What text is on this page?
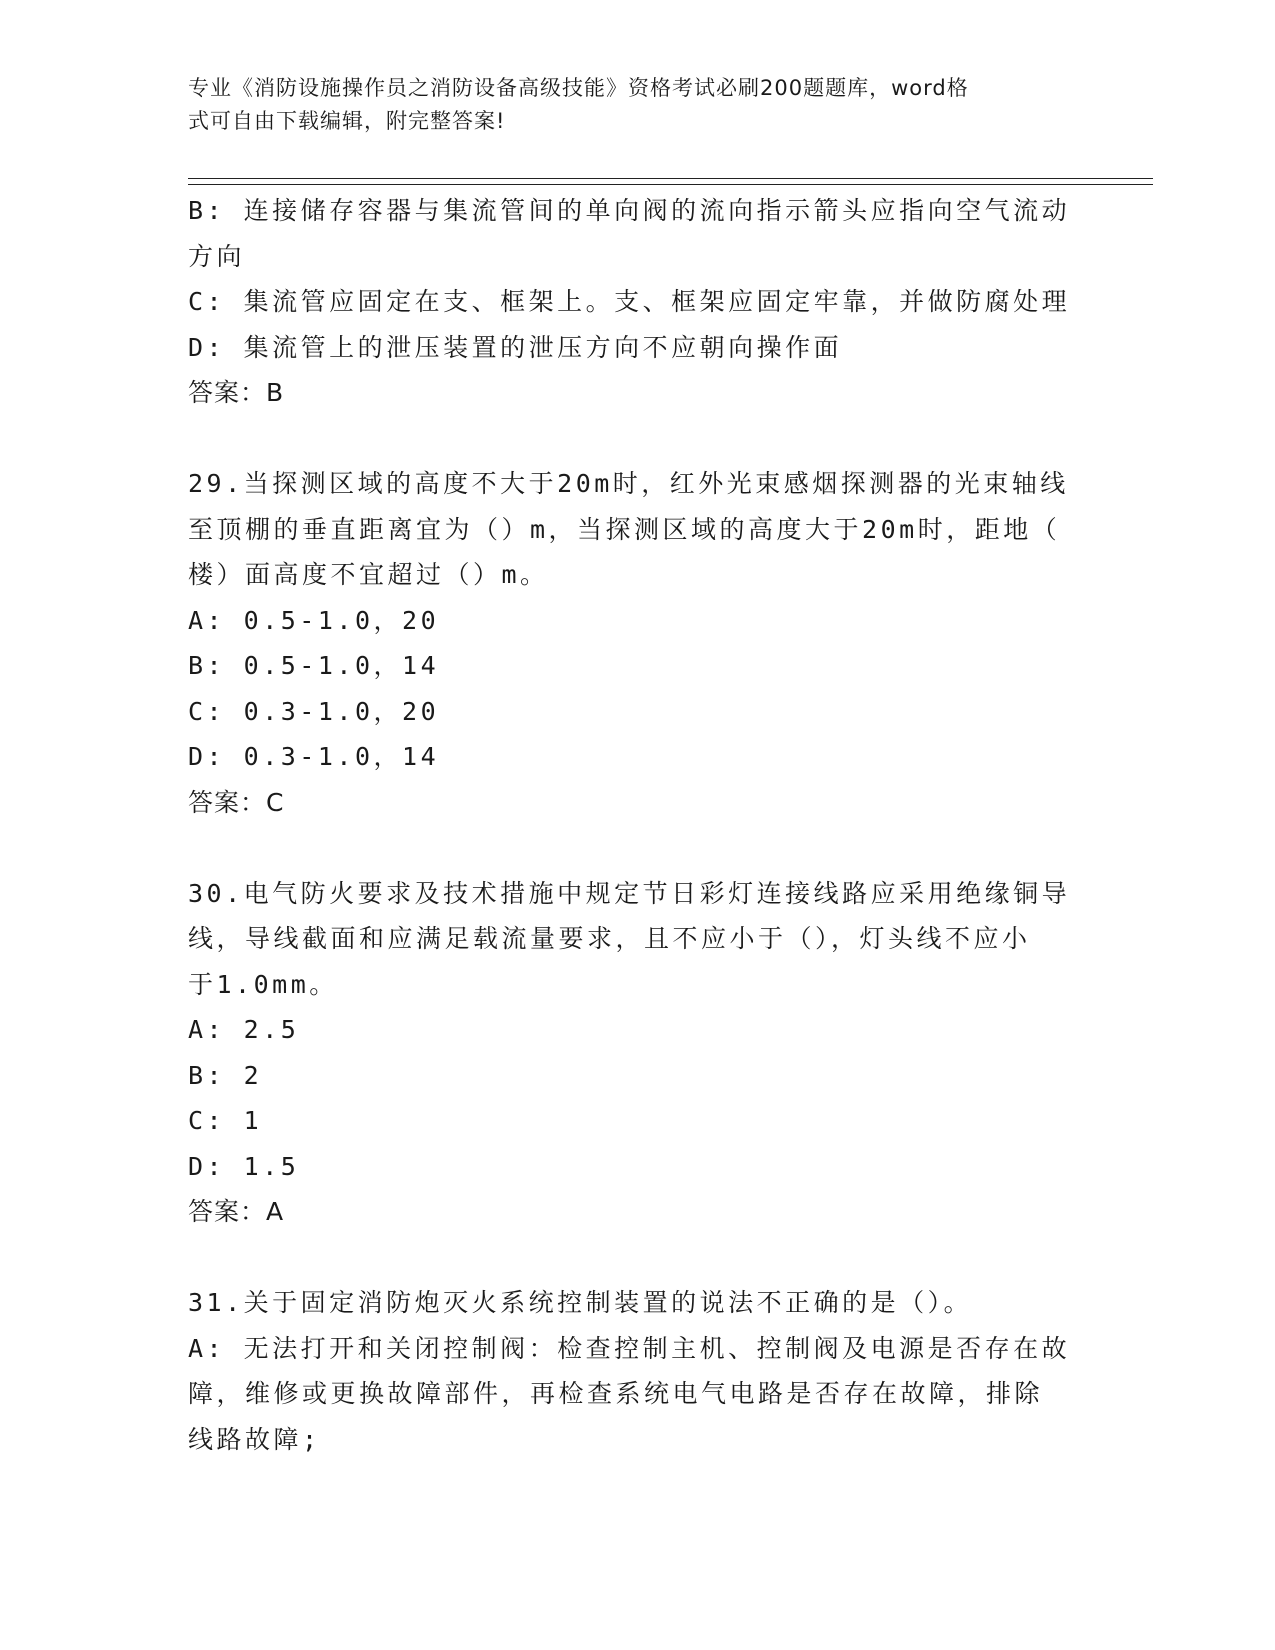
专业《消防设施操作员之消防设备高级技能》资格考试必刷200题题库，word格
式可自由下载编辑，附完整答案!
B: 连接储存容器与集流管间的单向阀的流向指示箭头应指向空气流动
方向
C: 集流管应固定在支、框架上。支、框架应固定牢靠，并做防腐处理
D: 集流管上的泄压装置的泄压方向不应朝向操作面
答案：B
29.当探测区域的高度不大于20m时，红外光束感烟探测器的光束轴线
至顶棚的垂直距离宜为（）m，当探测区域的高度大于20m时，距地（
楼）面高度不宜超过（）m。
A: 0.5-1.0，20
B: 0.5-1.0，14
C: 0.3-1.0，20
D: 0.3-1.0，14
答案：C
30.电气防火要求及技术措施中规定节日彩灯连接线路应采用绝缘铜导
线，导线截面和应满足载流量要求，且不应小于（），灯头线不应小
于1.0mm。
A: 2.5
B: 2
C: 1
D: 1.5
答案：A
31.关于固定消防炮灭火系统控制装置的说法不正确的是（）。
A: 无法打开和关闭控制阀：检查控制主机、控制阀及电源是否存在故
障，维修或更换故障部件，再检查系统电气电路是否存在故障，排除
线路故障;
